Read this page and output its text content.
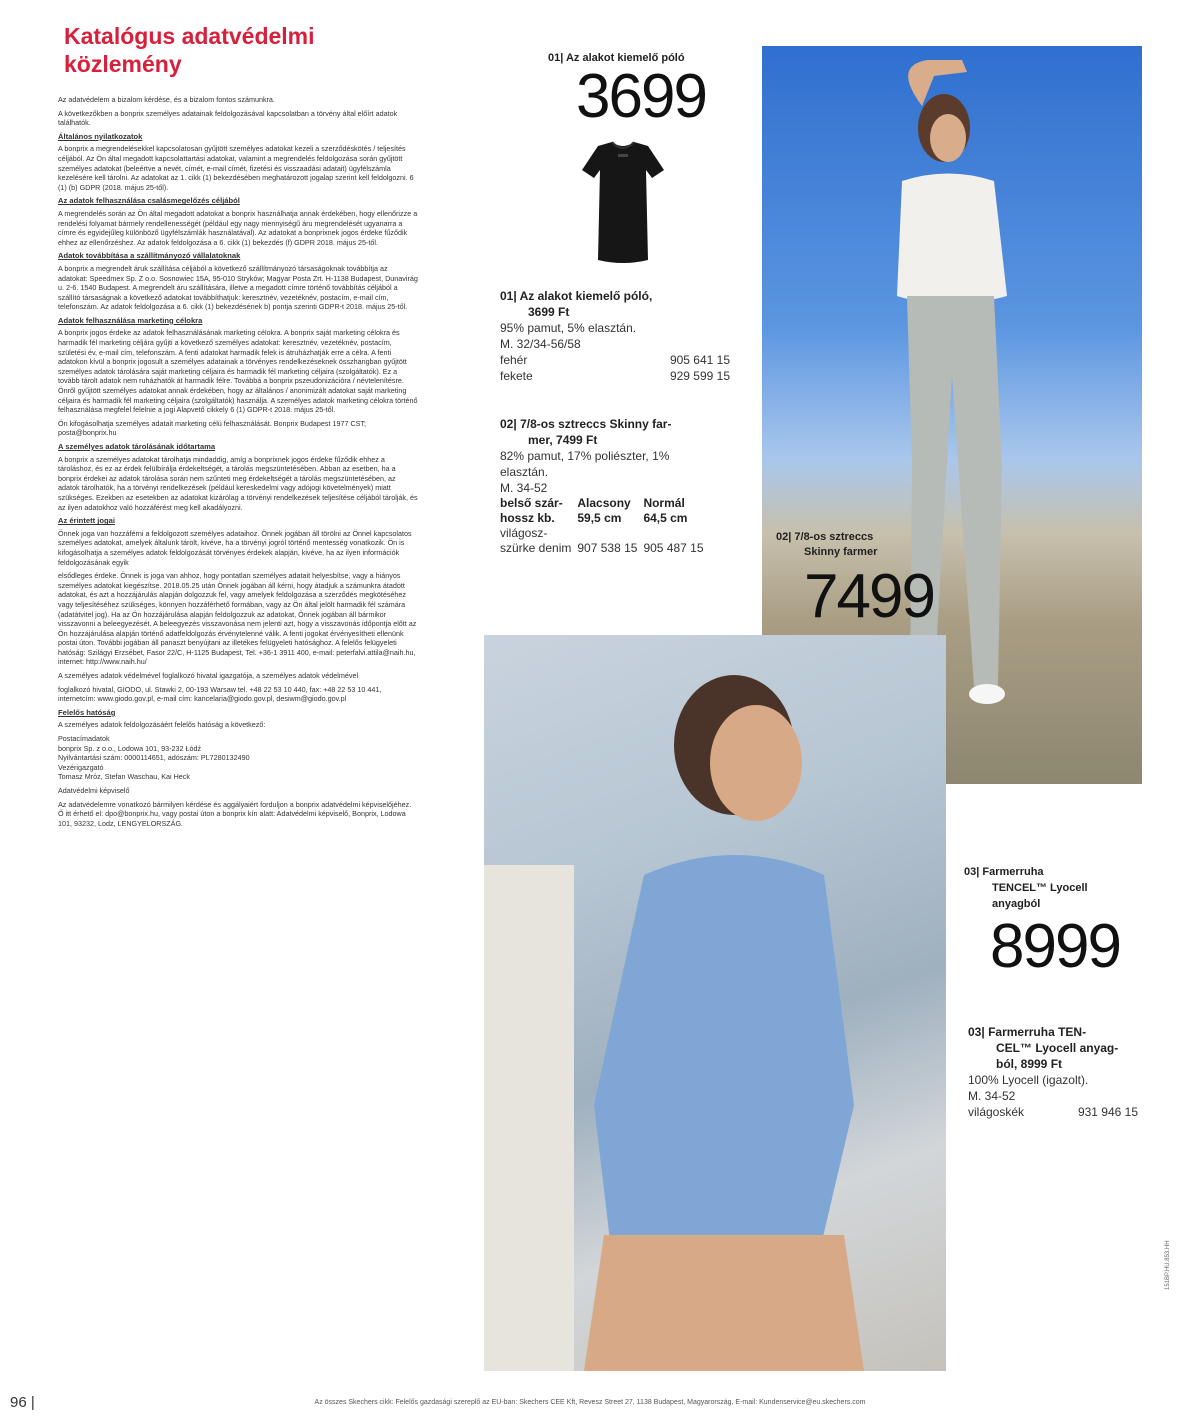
Katalógus adatvédelmi
közlemény

Az adatvédelem a bizalom kérdése, és a bizalom fontos számunkra.

A következőkben a bonprix személyes adatainak feldolgozásával kapcsolatban a törvény által előírt adatok találhatók.

Általános nyilatkozatok

A bonprix a megrendelésekkel kapcsolatosan gyűjtött személyes adatokat kezeli a szerződéskötés / teljesítés céljából. Az Ön által megadott kapcsolattartási adatokat, valamint a megrendelés feldolgozása során gyűjtött személyes adatokat (beleértve a nevét, címét, e-mail címét, fizetési és visszaadási adatait) ügyfélszámla kezelésére kell tárolni. Az adatokat az 1. cikk (1) bekezdésében meghatározott jogalap szerint kell feldolgozni. 6 (1) (b) GDPR (2018. május 25-től).

Az adatok felhasználása csalásmegelőzés céljából

A megrendelés során az Ön által megadott adatokat a bonprix használhatja annak érdekében, hogy ellenőrizze a rendelési folyamat bármely rendellenességét (például egy nagy mennyiségű áru megrendelését ugyanarra a címre és egyidejűleg különböző ügyfélszámlák használatával). Az adatokat a bonprixnek jogos érdeke fűződik ehhez az ellenőrzéshez. Az adatok feldolgozása a 6. cikk (1) bekezdés (f) GDPR 2018. május 25-től.

Adatok továbbítása a szállítmányozó vállalatoknak

A bonprix a megrendelt áruk szállítása céljából a következő szállítmányozó társaságoknak továbbítja az adatokat: Speedmex Sp. Z o.o. Sosnowiec 15A, 95-010 Stryków; Magyar Posta Zrt. H-1138 Budapest, Dunavirág u. 2-6. 1540 Budapest. A megrendelt áru szállítására, illetve a megadott címre történő továbbítás céljából a szállító társaságnak a következő adatokat továbbíthatjuk: keresztnév, vezetéknév, postacím, e-mail cím, telefonszám. Az adatok feldolgozása a 6. cikk (1) bekezdésének b) pontja szerinti GDPR-t 2018. május 25-től.

Adatok felhasználása marketing célokra

A bonprix jogos érdeke az adatok felhasználásának marketing célokra. A bonprix saját marketing célokra és harmadik fél marketing céljára gyűjti a következő személyes adatokat: keresztnév, vezetéknév, postacím, születési év, e-mail cím, telefonszám. A fenti adatokat harmadik felek is átruházhatják erre a célra. A fenti adatokon kívül a bonprix jogosult a személyes adatainak a törvényes rendelkezéseknek összhangban gyűjtött személyes adatok tárolására saját marketing céljaira és harmadik fél marketing céljaira (szolgáltatók). Ez a tovább tárolt adatok nem ruházhatók át harmadik félre. Továbbá a bonprix pszeudonizációra / névtelenítésre. Önről gyűjtött személyes adatokat annak érdekében, hogy az általános / anonimizált adatokat saját marketing céljaira és harmadik fél marketing céljaira (szolgáltatók) használja. A személyes adatok marketing célokra történő felhasználása megfelel felelnie a jogi Alapvető cikkely 6 (1) GDPR-t 2018. május 25-től.

Ön kifogásolhatja személyes adatait marketing célú felhasználását. Bonprix Budapest 1977 CST; posta@bonprix.hu

A személyes adatok tárolásának időtartama

A bonprix a személyes adatokat tárolhatja mindaddig, amíg a bonprixnek jogos érdeke fűződik ehhez a tároláshoz, és ez az érdek felülbírálja érdekeltségét, a tárolás megszüntetésében. Abban az esetben, ha a bonprix érdekei az adatok tárolása során nem szűnteti meg érdekeltségét a tárolás megszüntetésében, az adatok tárolhatók, ha a törvényi rendelkezések (például kereskedelmi vagy adójogi követelmények) miatt szükséges. Ezekben az esetekben az adatokat kizárólag a törvényi rendelkezések teljesítése céljából tárolják, és az ilyen adatokhoz való hozzáférést meg kell akadályozni.

Az érintett jogai

Önnek joga van hozzáférni a feldolgozott személyes adataihoz. Önnek jogában áll törölni az Önnel kapcsolatos személyes adatokat, amelyek általunk tárolt, kivéve, ha a törvényi jogról történő mentesség vonatkozik. Ön is kifogásolhatja a személyes adatok feldolgozását törvényes érdekek alapján, kivéve, ha az ilyen információk feldolgozásának egyik

elsődleges érdeke. Önnek is joga van ahhoz, hogy pontatlan személyes adatait helyesbítse, vagy a hiányos személyes adatokat kiegészítse. 2018.05.25 után Önnek jogában áll kérni, hogy átadjuk a számunkra átadott adatokat, és azt a hozzájárulás alapján dolgozzuk fel, vagy amelyek feldolgozása a szerződés megkötéséhez vagy teljesítéséhez szükséges, könnyen hozzáférhető formában, vagy az Ön által jelölt harmadik fél számára (adatátvitel jog). Ha az Ön hozzájárulása alapján feldolgozzuk az adatokat, Önnek jogában áll bármikor visszavonni a beleegyezését. A beleegyezés visszavonása nem jelenti azt, hogy a visszavonás időpontja előtt az Ön hozzájárulása alapján történő adatfeldolgozás érvénytelenné válik. A fenti jogokat érvényesítheti ellenünk postai úton. További jogában áll panaszt benyújtani az illetékes felügyeleti hatósághoz. A felelős felügyeleti hatóság: Szilágyi Erzsébet, Fasor 22/C, H-1125 Budapest, Tel. +36-1 3911 400, e-mail: peterfalvi.attila@naih.hu, internet: http://www.naih.hu/

A személyes adatok védelmével foglalkozó hivatal igazgatója, a személyes adatok védelmével

foglalkozó hivatal, GIODO, ul. Stawki 2, 00-193 Warsaw tel. +48 22 53 10 440, fax: +48 22 53 10 441, internetcím: www.giodo.gov.pl, e-mail cím: kancelaria@giodo.gov.pl, desiwm@giodo.gov.pl

Felelős hatóság

A személyes adatok feldolgozásáért felelős hatóság a következő:

Postacímadatok

bonprix Sp. z o.o., Lodowa 101, 93-232 Łódź

Nyilvántartási szám: 0000114651, adószám: PL7280132490

Vezérigazgató

Tomasz Mróz, Stefan Waschau, Kai Heck

Adatvédelmi képviselő

Az adatvédelemre vonatkozó bármilyen kérdése és aggályaiért forduljon a bonprix adatvédelmi képviselőjéhez. Ő itt érhető el: dpo@bonprix.hu, vagy postai úton a bonprix kín alatt: Adatvédelmi képviselő, Bonprix, Lodowa 101, 93232, Lodz, LENGYELORSZÁG.

01| Az alakot kiemelő póló
3699
01| Az alakot kiemelő póló,
3699 Ft
95% pamut, 5% elasztán.
M. 32/34-56/58
fehér	905 641 15
fekete	929 599 15
02| 7/8-os sztreccs Skinny far-
mer, 7499 Ft
82% pamut, 17% poliészter, 1%
elasztán.
M. 34-52
belső szár-	Alacsony	Normál
hossz kb.	59,5 cm	64,5 cm
világosz-		
szürke denim	907 538 15	905 487 15
02| 7/8-os sztreccs
Skinny farmer
7499
03| Farmerruha
TENCEL™ Lyocell
anyagból
8999
03| Farmerruha TEN-
CEL™ Lyocell anyag-
ból, 8999 Ft
100% Lyocell (igazolt).
M. 34-52
világoskék	931 946 15
151BP.HU.853.HH
96 |	Az összes Skechers cikk: Felelős gazdasági szereplő az EU-ban: Skechers CEE Kft, Revesz Street 27, 1138 Budapest, Magyarország, E-mail: Kundenservice@eu.skechers.com
